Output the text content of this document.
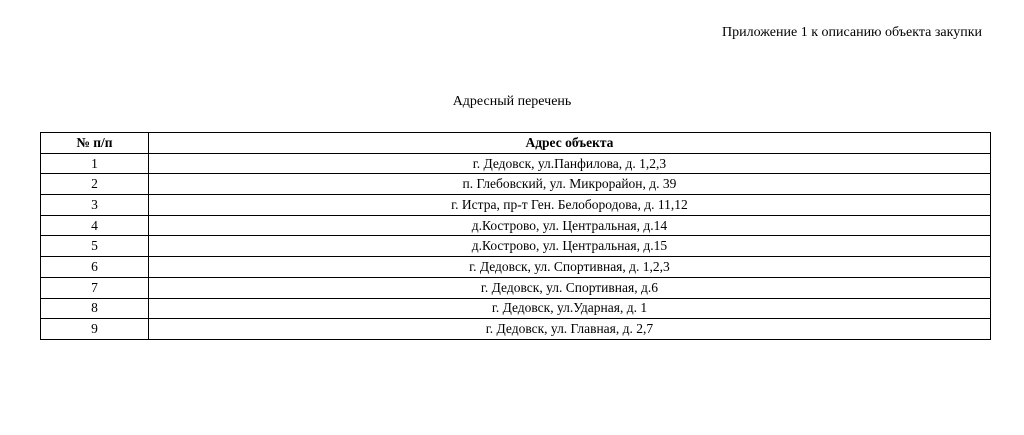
Приложение 1 к описанию объекта закупки
Адресный перечень
№ п/п	Адрес объекта
1	г. Дедовск, ул.Панфилова, д. 1,2,3
2	п. Глебовский, ул. Микрорайон, д. 39
3	г. Истра, пр-т Ген. Белобородова, д. 11,12
4	д.Кострово, ул. Центральная, д.14
5	д.Кострово, ул. Центральная, д.15
6	г. Дедовск, ул. Спортивная, д. 1,2,3
7	г. Дедовск, ул. Спортивная, д.6
8	г. Дедовск, ул.Ударная, д. 1
9	г. Дедовск, ул. Главная, д. 2,7
